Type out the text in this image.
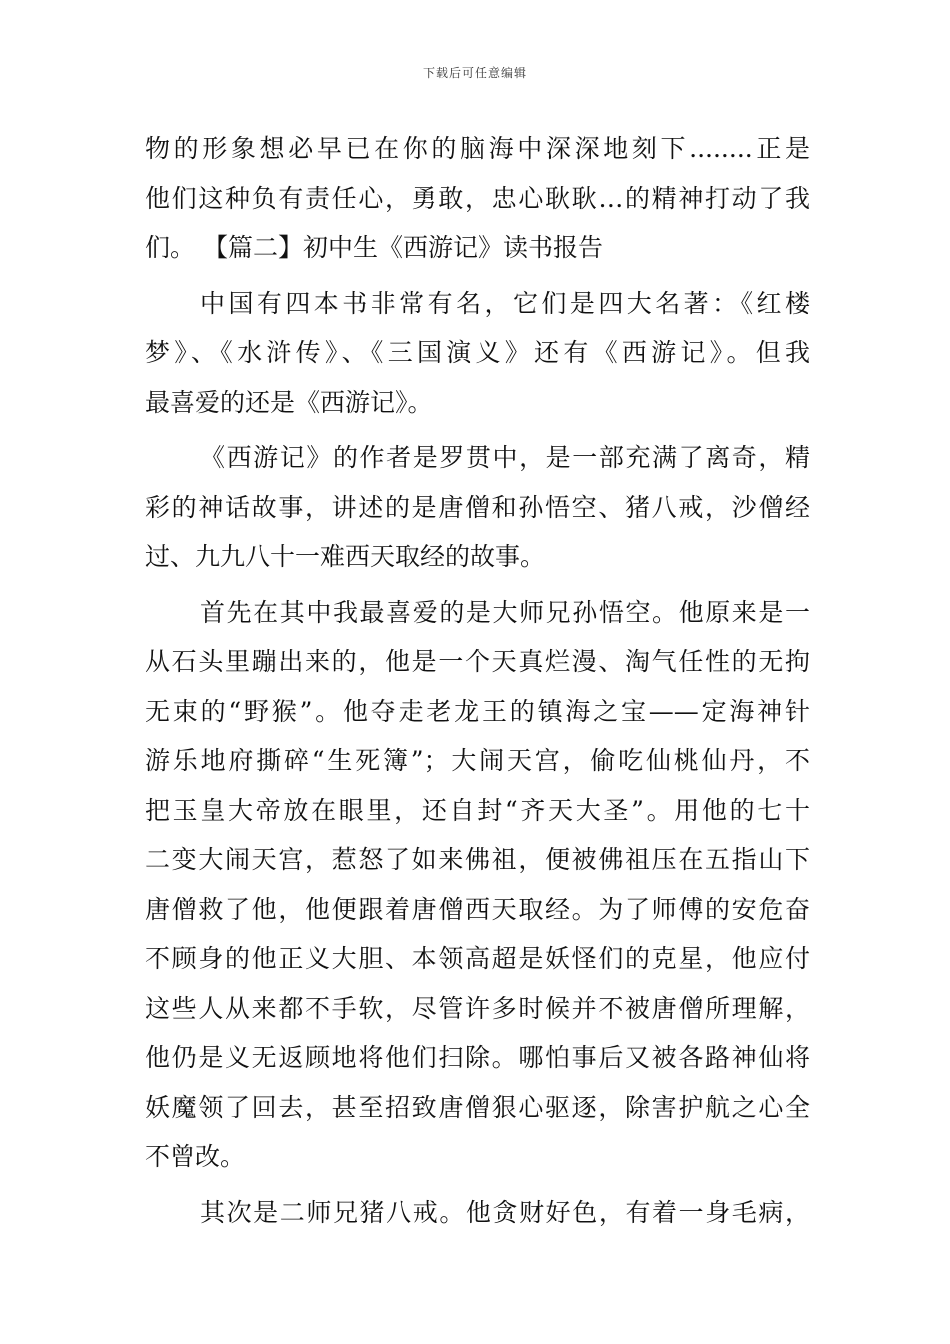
下载后可任意编辑
物的形象想必早已在你的脑海中深深地刻下........正是
他们这种负有责任心，勇敢，忠心耿耿…的精神打动了我
们。 【篇二】初中生《西游记》读书报告
中国有四本书非常有名，它们是四大名著：《红楼
梦》、《水浒传》、《三国演义》还有《西游记》。但我
最喜爱的还是《西游记》。
《西游记》的作者是罗贯中，是一部充满了离奇，精
彩的神话故事，讲述的是唐僧和孙悟空、猪八戒，沙僧经
过、九九八十一难西天取经的故事。
首先在其中我最喜爱的是大师兄孙悟空。他原来是一
从石头里蹦出来的，他是一个天真烂漫、淘气任性的无拘
无束的“野猴”。他夺走老龙王的镇海之宝——定海神针
游乐地府撕碎“生死簿”；大闹天宫，偷吃仙桃仙丹，不
把玉皇大帝放在眼里，还自封“齐天大圣”。用他的七十
二变大闹天宫，惹怒了如来佛祖，便被佛祖压在五指山下
唐僧救了他，他便跟着唐僧西天取经。为了师傅的安危奋
不顾身的他正义大胆、本领高超是妖怪们的克星，他应付
这些人从来都不手软，尽管许多时候并不被唐僧所理解，
他仍是义无返顾地将他们扫除。哪怕事后又被各路神仙将
妖魔领了回去，甚至招致唐僧狠心驱逐，除害护航之心全
不曾改。
其次是二师兄猪八戒。他贪财好色，有着一身毛病，
